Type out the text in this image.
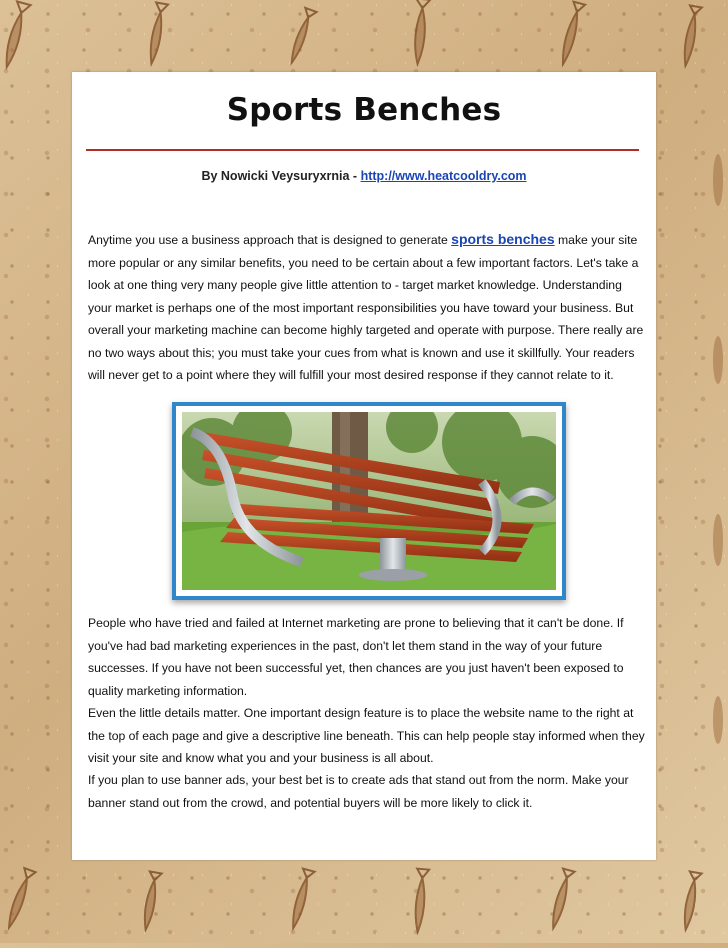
Sports Benches
By Nowicki Veysuryxrnia - http://www.heatcooldry.com

Anytime you use a business approach that is designed to generate sports benches make your site more popular or any similar benefits, you need to be certain about a few important factors. Let's take a look at one thing very many people give little attention to - target market knowledge. Understanding your market is perhaps one of the most important responsibilities you have toward your business. But overall your marketing machine can become highly targeted and operate with purpose. There really are no two ways about this; you must take your cues from what is known and use it skillfully. Your readers will never get to a point where they will fulfill your most desired response if they cannot relate to it.

People who have tried and failed at Internet marketing are prone to believing that it can't be done. If you've had bad marketing experiences in the past, don't let them stand in the way of your future successes. If you have not been successful yet, then chances are you just haven't been exposed to quality marketing information.

Even the little details matter. One important design feature is to place the website name to the right at the top of each page and give a descriptive line beneath. This can help people stay informed when they visit your site and know what you and your business is all about.

If you plan to use banner ads, your best bet is to create ads that stand out from the norm. Make your banner stand out from the crowd, and potential buyers will be more likely to click it.
